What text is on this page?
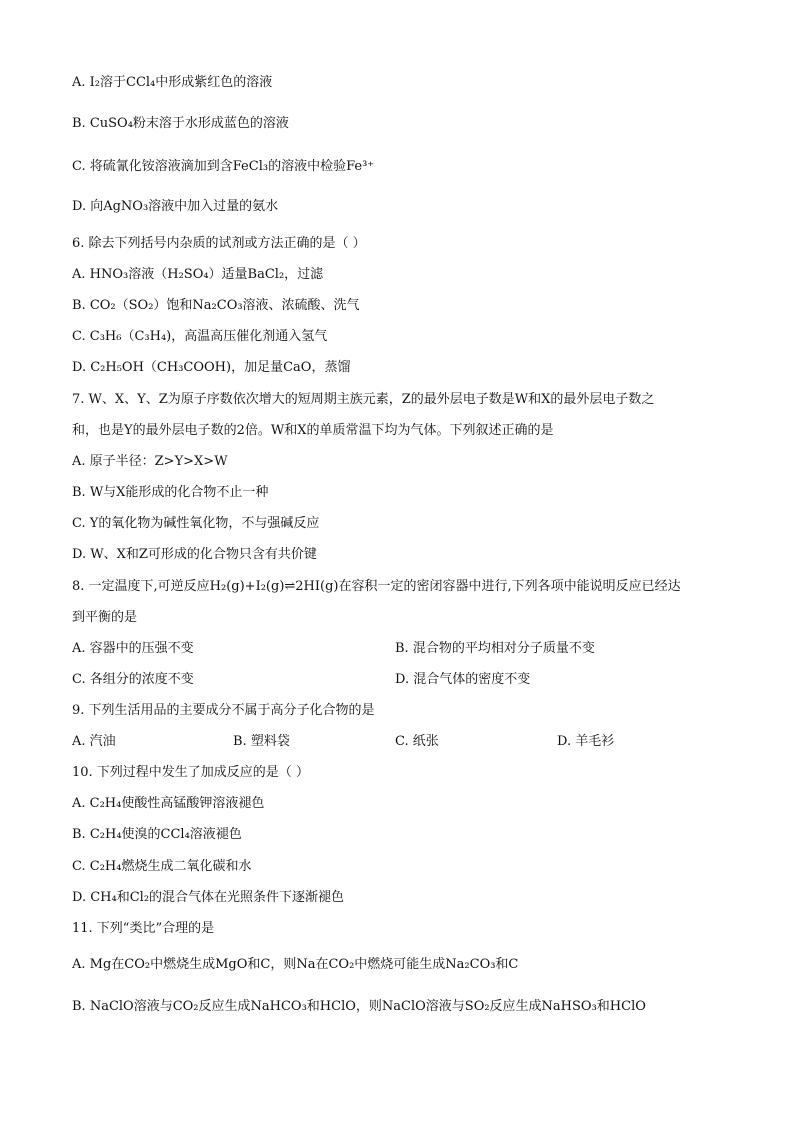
A. I₂溶于CCl₄中形成紫红色的溶液
B. CuSO₄粉末溶于水形成蓝色的溶液
C. 将硫氰化铵溶液滴加到含FeCl₃的溶液中检验Fe³⁺
D. 向AgNO₃溶液中加入过量的氨水
6. 除去下列括号内杂质的试剂或方法正确的是（ ）
A. HNO₃溶液（H₂SO₄）适量BaCl₂，过滤
B. CO₂（SO₂）饱和Na₂CO₃溶液、浓硫酸、洗气
C. C₃H₆（C₃H₄)，高温高压催化剂通入氢气
D. C₂H₅OH（CH₃COOH)，加足量CaO，蒸馏
7. W、X、Y、Z为原子序数依次增大的短周期主族元素，Z的最外层电子数是W和X的最外层电子数之
和，也是Y的最外层电子数的2倍。W和X的单质常温下均为气体。下列叙述正确的是
A. 原子半径：Z>Y>X>W
B. W与X能形成的化合物不止一种
C. Y的氧化物为碱性氧化物，不与强碱反应
D. W、X和Z可形成的化合物只含有共价键
8. 一定温度下,可逆反应H₂(g)+I₂(g)⇌2HI(g)在容积一定的密闭容器中进行,下列各项中能说明反应已经达
到平衡的是
9. 下列生活用品的主要成分不属于高分子化合物的是
10. 下列过程中发生了加成反应的是（ ）
A. C₂H₄使酸性高锰酸钾溶液褪色
B. C₂H₄使溴的CCl₄溶液褪色
C. C₂H₄燃烧生成二氧化碳和水
D. CH₄和Cl₂的混合气体在光照条件下逐渐褪色
11. 下列“类比”合理的是
A. Mg在CO₂中燃烧生成MgO和C，则Na在CO₂中燃烧可能生成Na₂CO₃和C
B. NaClO溶液与CO₂反应生成NaHCO₃和HClO，则NaClO溶液与SO₂反应生成NaHSO₃和HClO
A. 容器中的压强不变	B. 混合物的平均相对分子质量不变
C. 各组分的浓度不变	D. 混合气体的密度不变
A. 汽油	B. 塑料袋	C. 纸张	D. 羊毛衫
